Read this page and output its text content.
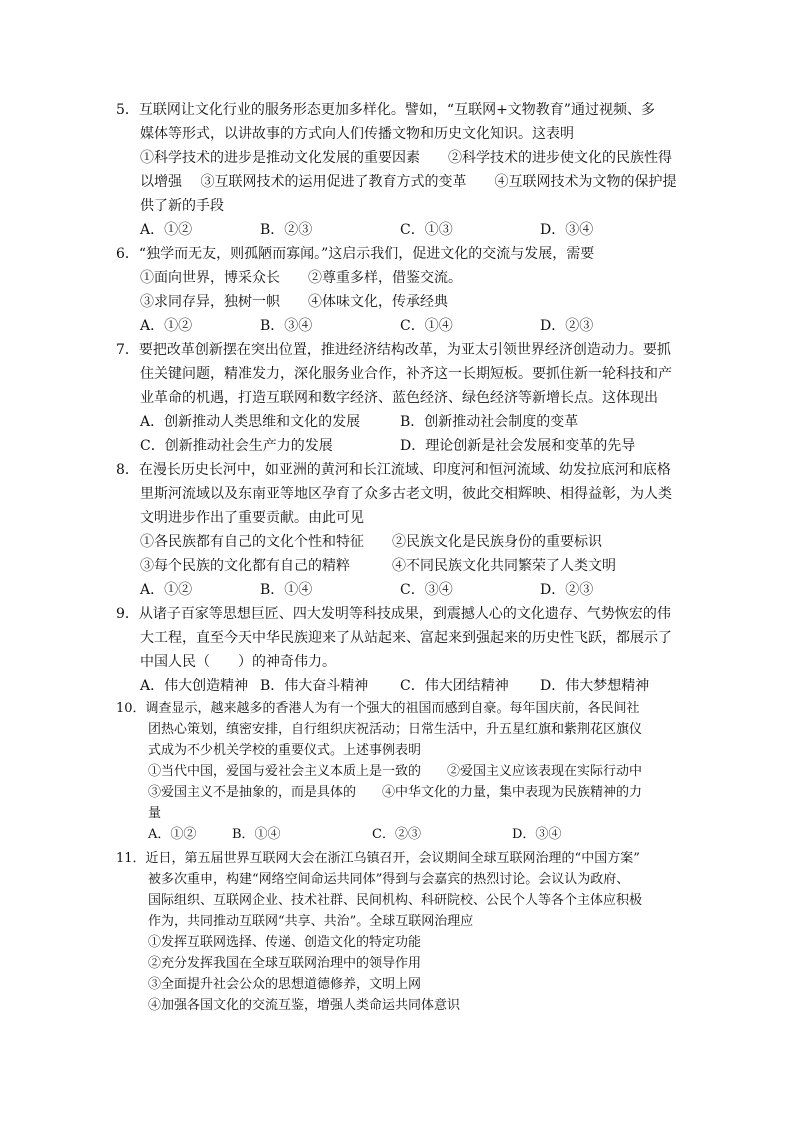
5．互联网让文化行业的服务形态更加多样化。譬如，“互联网+文物教育”通过视频、多
媒体等形式，以讲故事的方式向人们传播文物和历史文化知识。这表明
①科学技术的进步是推动文化发展的重要因素　　②科学技术的进步使文化的民族性得
以增强　 ③互联网技术的运用促进了教育方式的变革　　④互联网技术为文物的保护提
供了新的手段
A．①②	B．②③	C．①③	D．③④
6．“独学而无友，则孤陋而寡闻。”这启示我们，促进文化的交流与发展，需要
①面向世界，博采众长　　②尊重多样，借鉴交流。
③求同存异，独树一帜　　④体味文化，传承经典
A．①②	B．③④	C．①④	D．②③
7．要把改革创新摆在突出位置，推进经济结构改革，为亚太引领世界经济创造动力。要抓
住关键问题，精准发力，深化服务业合作，补齐这一长期短板。要抓住新一轮科技和产
业革命的机遇，打造互联网和数字经济、蓝色经济、绿色经济等新增长点。这体现出
A．创新推动人类思维和文化的发展	B．创新推动社会制度的变革
C．创新推动社会生产力的发展	D．理论创新是社会发展和变革的先导
8．在漫长历史长河中，如亚洲的黄河和长江流域、印度河和恒河流域、幼发拉底河和底格
里斯河流域以及东南亚等地区孕育了众多古老文明，彼此交相辉映、相得益彰，为人类
文明进步作出了重要贡献。由此可见
①各民族都有自己的文化个性和特征　　②民族文化是民族身份的重要标识
③每个民族的文化都有自己的精粹　　　④不同民族文化共同繁荣了人类文明
A．①②	B．①④	C．③④	D．②③
9．从诸子百家等思想巨匠、四大发明等科技成果，到震撼人心的文化遗存、气势恢宏的伟
大工程，直至今天中华民族迎来了从站起来、富起来到强起来的历史性飞跃，都展示了
中国人民（　　）的神奇伟力。
A．伟大创造精神 B．伟大奋斗精神 C．伟大团结精神 D．伟大梦想精神
10．调查显示，越来越多的香港人为有一个强大的祖国而感到自豪。每年国庆前，各民间社
团热心策划，缜密安排，自行组织庆祝活动；日常生活中，升五星红旗和紫荆花区旗仪
式成为不少机关学校的重要仪式。上述事例表明
①当代中国，爱国与爱社会主义本质上是一致的　　②爱国主义应该表现在实际行动中
③爱国主义不是抽象的，而是具体的　　④中华文化的力量，集中表现为民族精神的力
量
A．①②	B．①④	C．②③	D．③④
11．近日，第五届世界互联网大会在浙江乌镇召开，会议期间全球互联网治理的“中国方案”
被多次重申，构建“网络空间命运共同体”得到与会嘉宾的热烈讨论。会议认为政府、
国际组织、互联网企业、技术社群、民间机构、科研院校、公民个人等各个主体应积极
作为，共同推动互联网“共享、共治”。全球互联网治理应
①发挥互联网选择、传递、创造文化的特定功能
②充分发挥我国在全球互联网治理中的领导作用
③全面提升社会公众的思想道德修养，文明上网
④加强各国文化的交流互鉴，增强人类命运共同体意识
